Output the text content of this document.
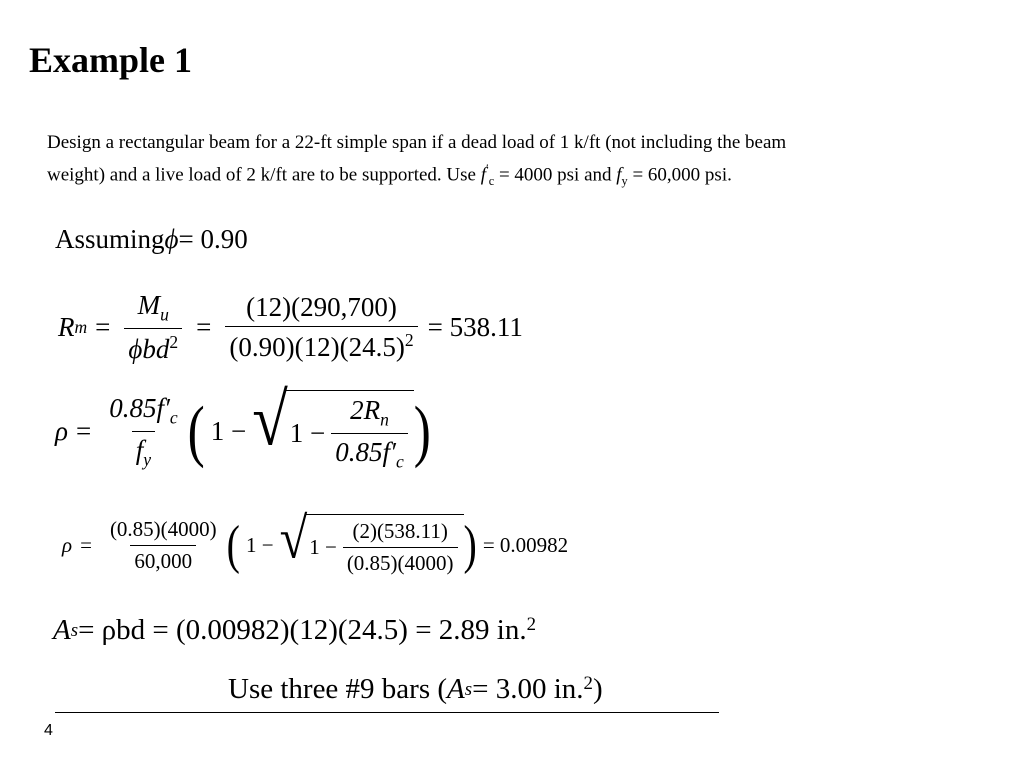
Example 1
Design a rectangular beam for a 22-ft simple span if a dead load of 1 k/ft (not including the beam
weight) and a live load of 2 k/ft are to be supported. Use $f'_c = 4000$ psi and $f_y = 60,000$ psi.
Assuming ϕ = 0.90
R $m = \frac{M_u}{\phi bd^2} = \frac{(12)(290,700)}{(0.90)(12)(24.5)^2} = 538.11$
$\rho = \frac{0.85f'_c}{f_y}$ ( 1 − √ $1 - \frac{2R_n}{0.85f'_c}$ )
$\rho = \frac{(0.85)(4000)}{60,000}$ ( 1 − √ $1 - \frac{(2)(538.11)}{(0.85)(4000)}$ ) = 0.00982
A s = ρbd = (0.00982)(12)(24.5) = 2.89 in.$^2$
Use three #9 bars ( A s = 3.00 in.$^2$ )
4
